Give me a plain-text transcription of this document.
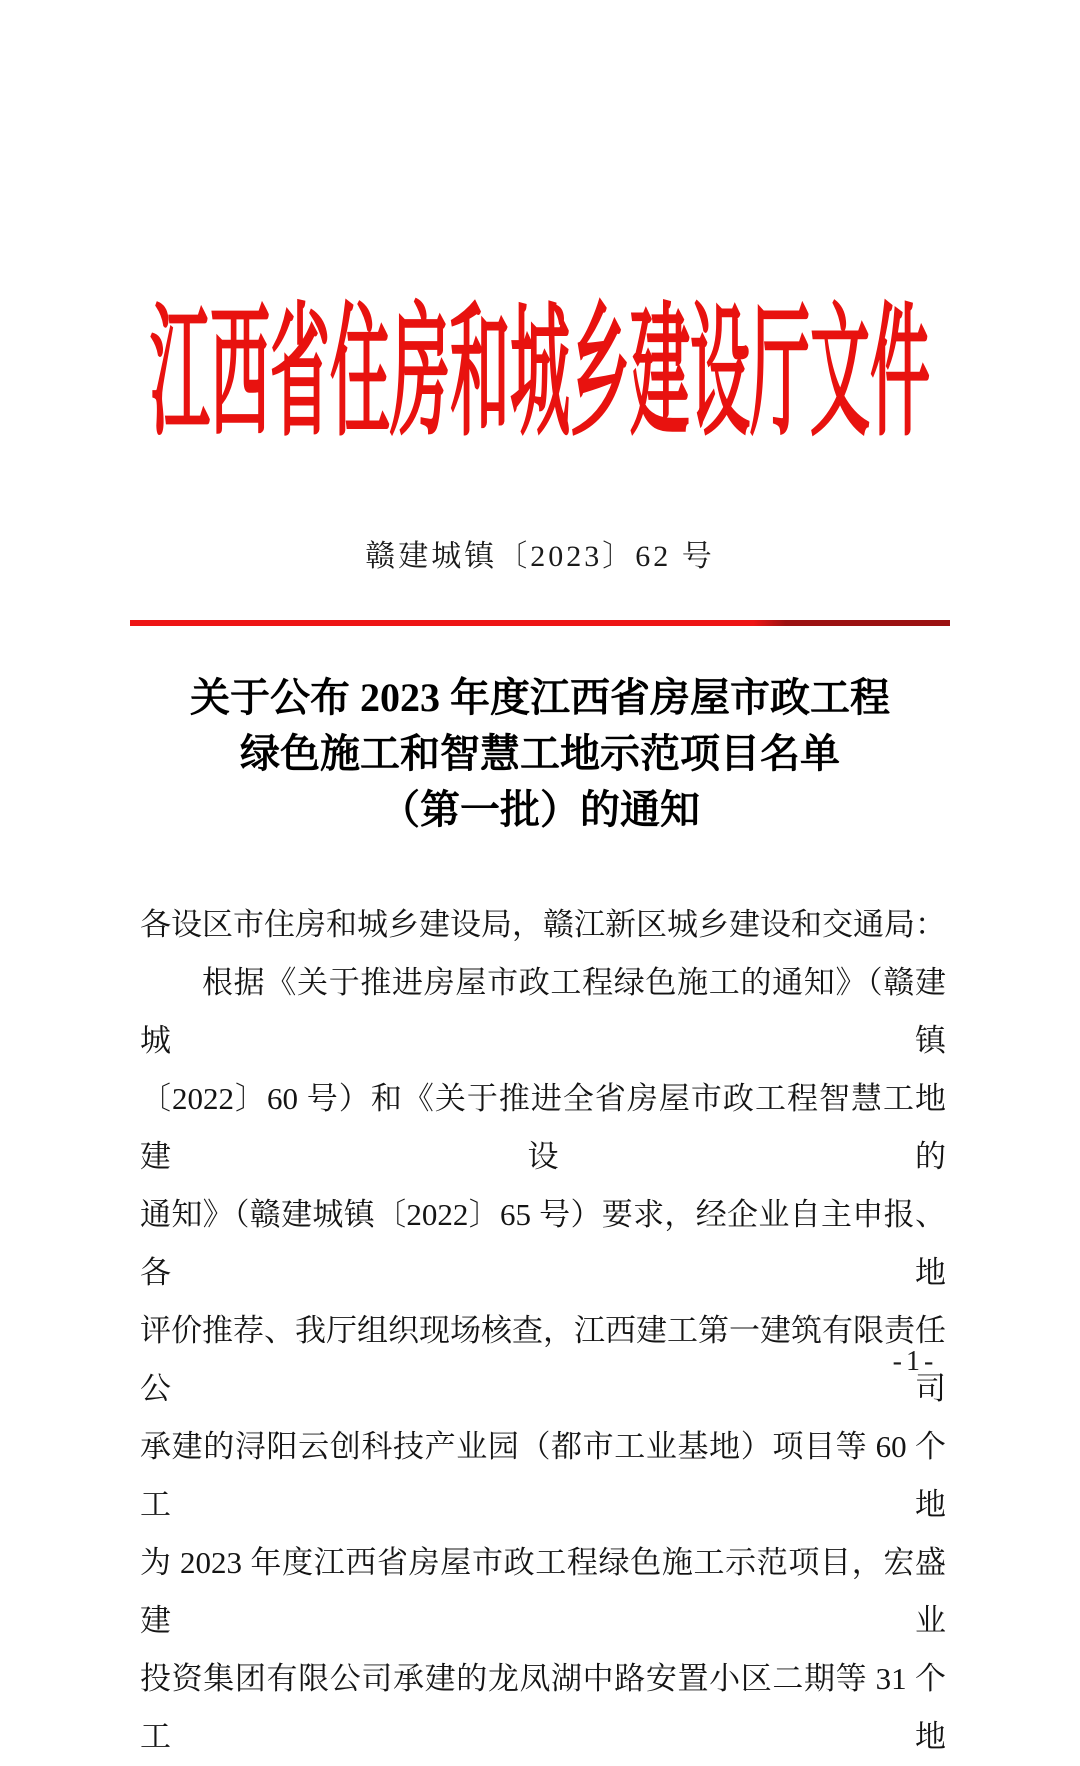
江西省住房和城乡建设厅文件
赣建城镇〔2023〕62 号
关于公布 2023 年度江西省房屋市政工程
绿色施工和智慧工地示范项目名单
（第一批）的通知
各设区市住房和城乡建设局，赣江新区城乡建设和交通局：
根据《关于推进房屋市政工程绿色施工的通知》（赣建城镇
〔2022〕60 号）和《关于推进全省房屋市政工程智慧工地建设的
通知》（赣建城镇〔2022〕65 号）要求，经企业自主申报、各地
评价推荐、我厅组织现场核查，江西建工第一建筑有限责任公司
承建的浔阳云创科技产业园（都市工业基地）项目等 60 个工地
为 2023 年度江西省房屋市政工程绿色施工示范项目，宏盛建业
投资集团有限公司承建的龙凤湖中路安置小区二期等 31 个工地
-1-
